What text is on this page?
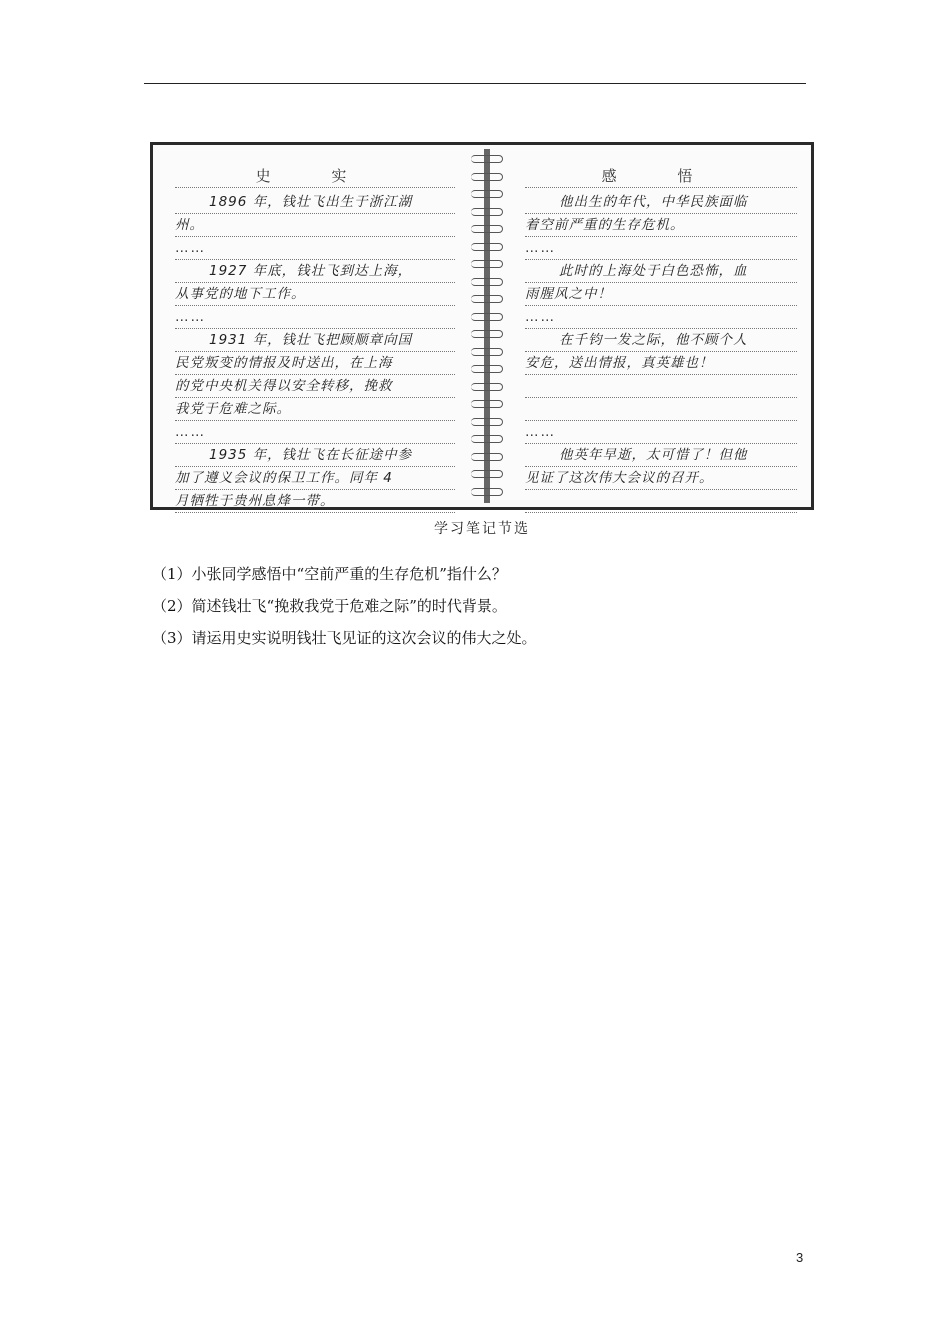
史 实
1896 年，钱壮飞出生于浙江湖
州。
……
1927 年底，钱壮飞到达上海，
从事党的地下工作。
……
1931 年，钱壮飞把顾顺章向国
民党叛变的情报及时送出，在上海
的党中央机关得以安全转移，挽救
我党于危难之际。
……
1935 年，钱壮飞在长征途中参
加了遵义会议的保卫工作。同年 4
月牺牲于贵州息烽一带。
感 悟
他出生的年代，中华民族面临
着空前严重的生存危机。
……
此时的上海处于白色恐怖，血
雨腥风之中！
……
在千钧一发之际，他不顾个人
安危，送出情报，真英雄也！
……
他英年早逝，太可惜了！但他
见证了这次伟大会议的召开。
学习笔记节选
（1）小张同学感悟中“空前严重的生存危机”指什么？
（2）简述钱壮飞“挽救我党于危难之际”的时代背景。
（3）请运用史实说明钱壮飞见证的这次会议的伟大之处。
3
